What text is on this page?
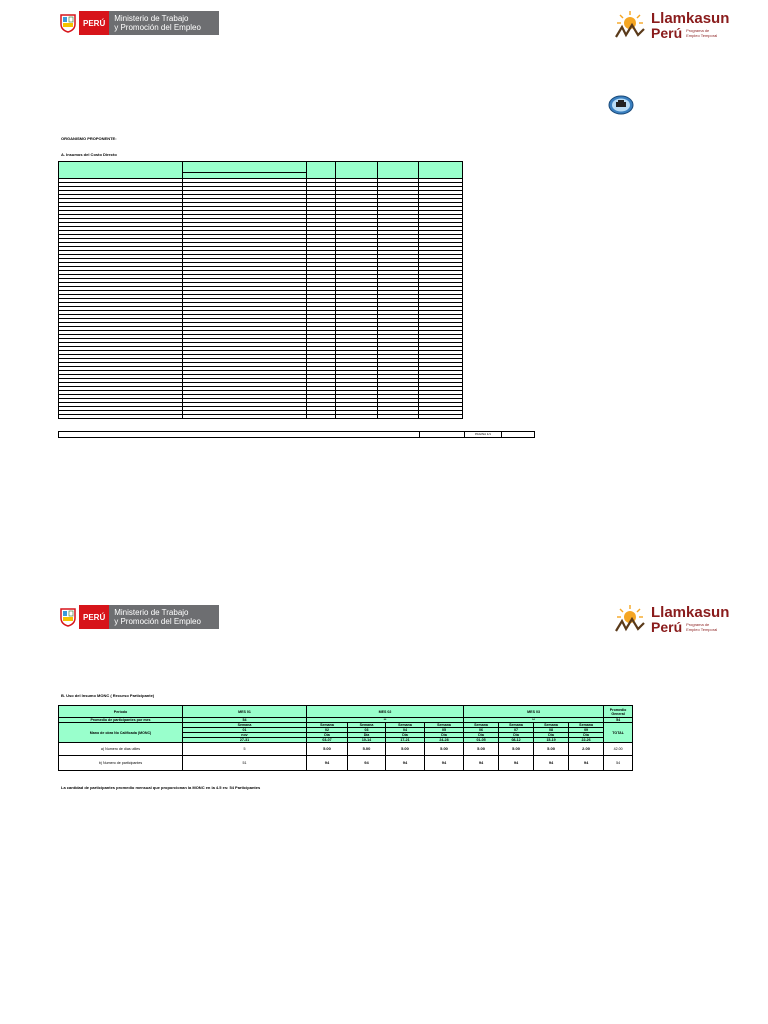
PERÚ	Ministerio de Trabajo
y Promoción del Empleo
Llamkasun
Perú Programa de Empleo Temporal
ORGANISMO PROPONENTE:
A. Insumos del Costo Directo

PAGINA 1/1
PERÚ	Ministerio de Trabajo
y Promoción del Empleo
Llamkasun
Perú Programa de Empleo Temporal
B. Uso del Insumo MONC ( Recurso Participante)
Periodo	MES 01	MES 02				MES 03				Promedio General
Promedio de participantes por mes	54	**				**				54
Mano de obra No Calificada (MONC)	Semana	Semana	Semana	Semana	Semana	Semana	Semana	Semana	Semana	TOTAL
	01	02	03	04	05	06	07	08	09	
	nov	Día	Día	Día	Día	Día	Día	Día	Día	
	27-31	03-07	10-14	17-21	24-28	01-05	08-12	15-19	22-26	
a) Numero de días utiles	5	5.00	5.00	5.00	5.00	5.00	5.00	5.00	2.00	42.00
b) Numero de participantes	51	94	94	94	94	94	94	94	94	54
La cantidad de participantes promedio mensual que proporcionan la MONC en la 4.5 es: 54 Participantes
